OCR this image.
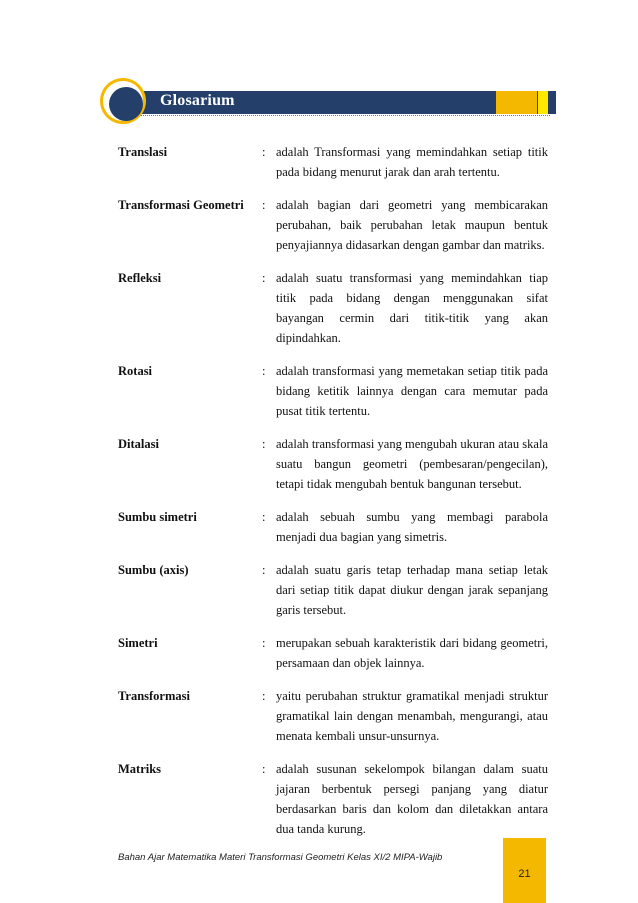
Glosarium
Translasi	: adalah Transformasi yang memindahkan setiap titik pada bidang menurut jarak dan arah tertentu.
Transformasi Geometri	: adalah bagian dari geometri yang membicarakan perubahan, baik perubahan letak maupun bentuk penyajiannya didasarkan dengan gambar dan matriks.
Refleksi	: adalah suatu transformasi yang memindahkan tiap titik pada bidang dengan menggunakan sifat bayangan cermin dari titik-titik yang akan dipindahkan.
Rotasi	: adalah transformasi yang memetakan setiap titik pada bidang ketitik lainnya dengan cara memutar pada pusat titik tertentu.
Ditalasi	: adalah transformasi yang mengubah ukuran atau skala suatu bangun geometri (pembesaran/pengecilan), tetapi tidak mengubah bentuk bangunan tersebut.
Sumbu simetri	: adalah sebuah sumbu yang membagi parabola menjadi dua bagian yang simetris.
Sumbu (axis)	: adalah suatu garis tetap terhadap mana setiap letak dari setiap titik dapat diukur dengan jarak sepanjang garis tersebut.
Simetri	: merupakan sebuah karakteristik dari bidang geometri, persamaan dan objek lainnya.
Transformasi	: yaitu perubahan struktur gramatikal menjadi struktur gramatikal lain dengan menambah, mengurangi, atau menata kembali unsur-unsurnya.
Matriks	: adalah susunan sekelompok bilangan dalam suatu jajaran berbentuk persegi panjang yang diatur berdasarkan baris dan kolom dan diletakkan antara dua tanda kurung.
Bahan Ajar Matematika Materi Transformasi Geometri Kelas XI/2 MIPA-Wajib
21
